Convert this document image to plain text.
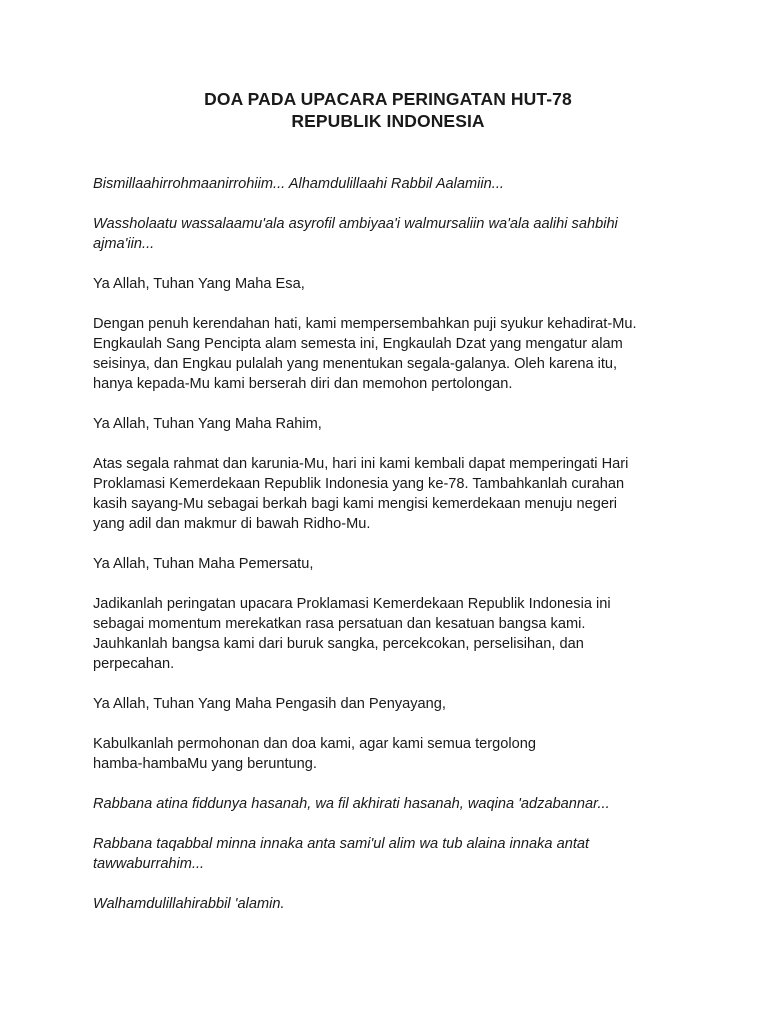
DOA PADA UPACARA PERINGATAN HUT-78
REPUBLIK INDONESIA

Bismillaahirrohmaanirrohiim... Alhamdulillaahi Rabbil Aalamiin...

Wassholaatu wassalaamu'ala asyrofil ambiyaa'i walmursaliin wa'ala aalihi sahbihi
ajma'iin...

Ya Allah, Tuhan Yang Maha Esa,

Dengan penuh kerendahan hati, kami mempersembahkan puji syukur kehadirat-Mu.
Engkaulah Sang Pencipta alam semesta ini, Engkaulah Dzat yang mengatur alam
seisinya, dan Engkau pulalah yang menentukan segala-galanya. Oleh karena itu,
hanya kepada-Mu kami berserah diri dan memohon pertolongan.

Ya Allah, Tuhan Yang Maha Rahim,

Atas segala rahmat dan karunia-Mu, hari ini kami kembali dapat memperingati Hari
Proklamasi Kemerdekaan Republik Indonesia yang ke-78. Tambahkanlah curahan
kasih sayang-Mu sebagai berkah bagi kami mengisi kemerdekaan menuju negeri
yang adil dan makmur di bawah Ridho-Mu.

Ya Allah, Tuhan Maha Pemersatu,

Jadikanlah peringatan upacara Proklamasi Kemerdekaan Republik Indonesia ini
sebagai momentum merekatkan rasa persatuan dan kesatuan bangsa kami.
Jauhkanlah bangsa kami dari buruk sangka, percekcokan, perselisihan, dan
perpecahan.

Ya Allah, Tuhan Yang Maha Pengasih dan Penyayang,

Kabulkanlah permohonan dan doa kami, agar kami semua tergolong
hamba-hambaMu yang beruntung.

Rabbana atina fiddunya hasanah, wa fil akhirati hasanah, waqina 'adzabannar...

Rabbana taqabbal minna innaka anta sami'ul alim wa tub alaina innaka antat
tawwaburrahim...

Walhamdulillahirabbil 'alamin.
